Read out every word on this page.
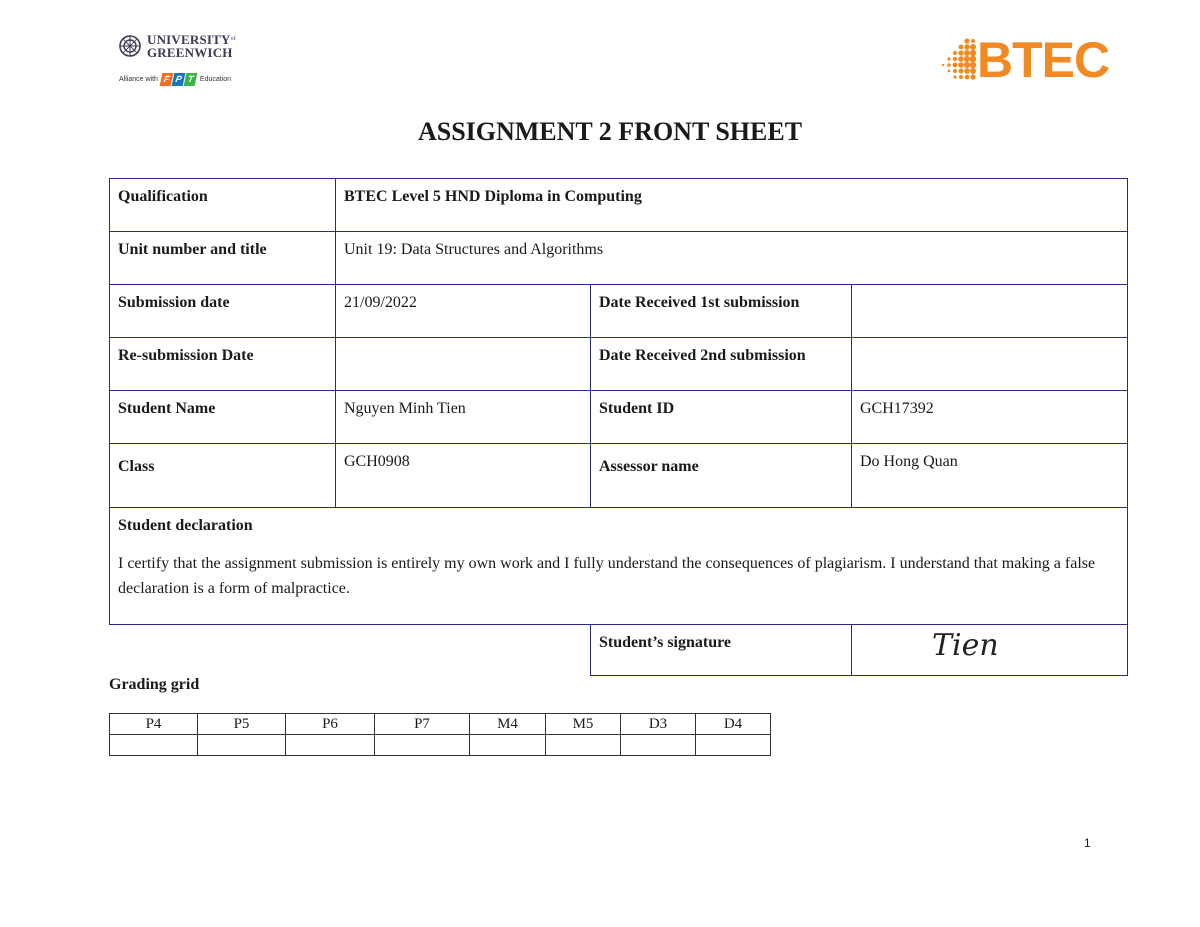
$UNIVERSITY^{of}$
GREENWICH
Alliance with F P T Education	BTEC
ASSIGNMENT 2 FRONT SHEET
Qualification	BTEC Level 5 HND Diploma in Computing		
Unit number and title	Unit 19: Data Structures and Algorithms		
Submission date	21/09/2022	Date Received 1st submission	
Re-submission Date		Date Received 2nd submission	
Student Name	Nguyen Minh Tien	Student ID	GCH17392
Class	GCH0908	Assessor name	Do Hong Quan

Student declaration
I certify that the assignment submission is entirely my own work and I fully understand the consequences of plagiarism. I understand that making a false declaration is a form of malpractice.			

		Student’s signature	Tien
Grading grid
P4	P5	P6	P7	M4	M5	D3	D4

1
